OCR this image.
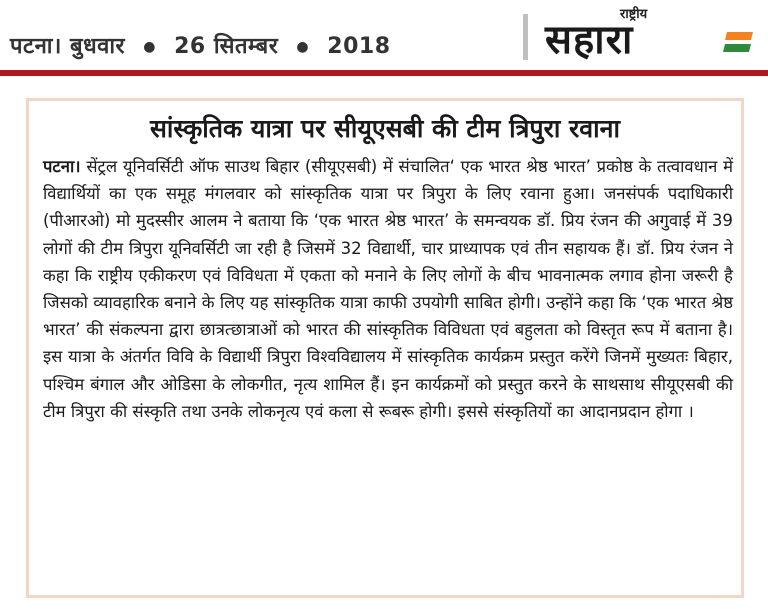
पटना। बुधवार ● 26 सितम्बर ● 2018
राष्ट्रीय
सहारा
सांस्कृतिक यात्रा पर सीयूएसबी की टीम त्रिपुरा रवाना
पटना। सेंट्रल यूनिवर्सिटी ऑफ साउथ बिहार (सीयूएसबी) में संचालित‘ एक भारत श्रेष्ठ भारत’ प्रकोष्ठ के तत्वावधान में विद्यार्थियों का एक समूह मंगलवार को सांस्कृतिक यात्रा पर त्रिपुरा के लिए रवाना हुआ। जनसंपर्क पदाधिकारी (पीआरओ) मो मुदस्सीर आलम ने बताया कि ‘एक भारत श्रेष्ठ भारत’ के समन्वयक डॉ. प्रिय रंजन की अगुवाई में 39 लोगों की टीम त्रिपुरा यूनिवर्सिटी जा रही है जिसमें 32 विद्यार्थी, चार प्राध्यापक एवं तीन सहायक हैं। डॉ. प्रिय रंजन ने कहा कि राष्ट्रीय एकीकरण एवं विविधता में एकता को मनाने के लिए लोगों के बीच भावनात्मक लगाव होना जरूरी है जिसको व्यावहारिक बनाने के लिए यह सांस्कृतिक यात्रा काफी उपयोगी साबित होगी। उन्होंने कहा कि ‘एक भारत श्रेष्ठ भारत’ की संकल्पना द्वारा छात्रत्छात्राओं को भारत की सांस्कृतिक विविधता एवं बहुलता को विस्तृत रूप में बताना है। इस यात्रा के अंतर्गत विवि के विद्यार्थी त्रिपुरा विश्वविद्यालय में सांस्कृतिक कार्यक्रम प्रस्तुत करेंगे जिनमें मुख्यतः बिहार, पश्चिम बंगाल और ओडिसा के लोकगीत, नृत्य शामिल हैं। इन कार्यक्रमों को प्रस्तुत करने के साथसाथ सीयूएसबी की टीम त्रिपुरा की संस्कृति तथा उनके लोकनृत्य एवं कला से रूबरू होगी। इससे संस्कृतियों का आदानप्रदान होगा ।
